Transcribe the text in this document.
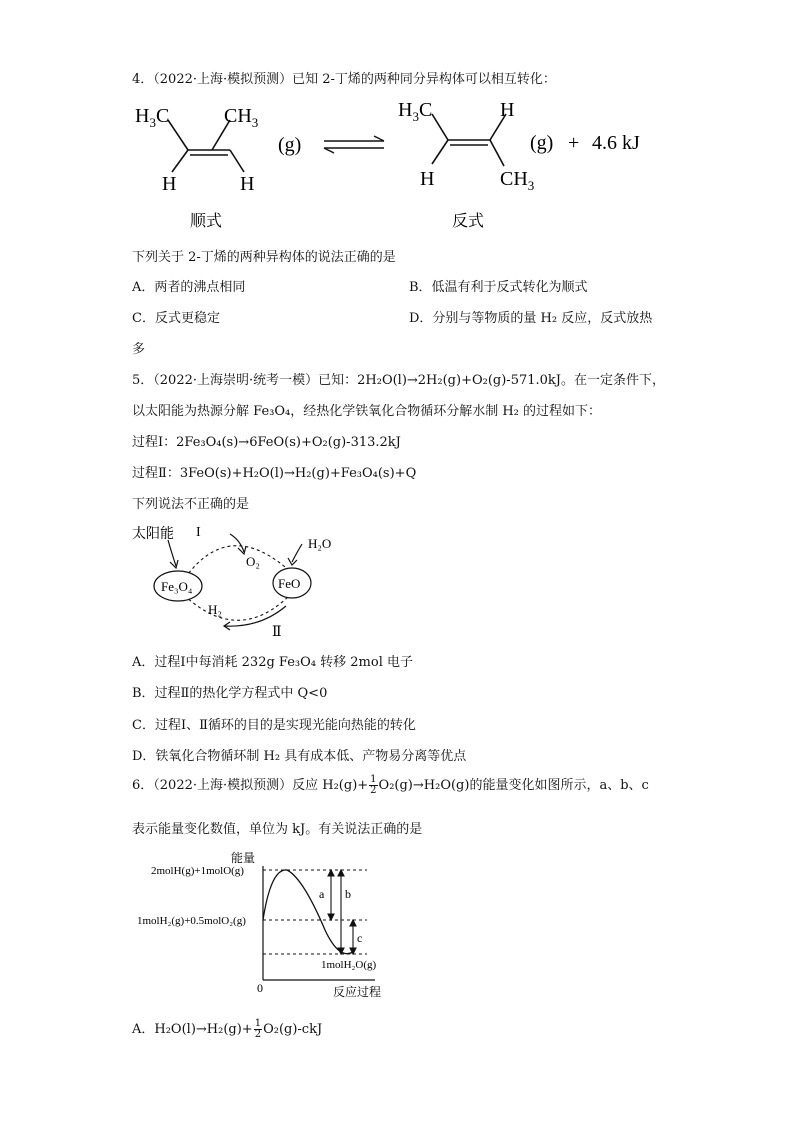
4．（2022·上海·模拟预测）已知 2-丁烯的两种同分异构体可以相互转化：
$H_3C$	$CH_3$
H	H
(g)
$H_3C$	H
H	$CH_3$
(g) + 4.6 kJ
顺式	反式
下列关于 2-丁烯的两种异构体的说法正确的是
A．两者的沸点相同	B．低温有利于反式转化为顺式
C．反式更稳定	D．分别与等物质的量 H₂ 反应，反式放热
多
5．（2022·上海崇明·统考一模）已知：2H₂O(l)→2H₂(g)+O₂(g)-571.0kJ。在一定条件下，
以太阳能为热源分解 Fe₃O₄，经热化学铁氧化合物循环分解水制 H₂ 的过程如下：
过程Ⅰ：2Fe₃O₄(s)→6FeO(s)+O₂(g)-313.2kJ
过程Ⅱ：3FeO(s)+H₂O(l)→H₂(g)+Fe₃O₄(s)+Q
下列说法不正确的是
太阳能 I
Fe₃O₄	FeO
O₂
H₂O
H₂
Ⅱ
A．过程Ⅰ中每消耗 232g Fe₃O₄ 转移 2mol 电子
B．过程Ⅱ的热化学方程式中 Q<0
C．过程Ⅰ、Ⅱ循环的目的是实现光能向热能的转化
D．铁氧化合物循环制 H₂ 具有成本低、产物易分离等优点
6．（2022·上海·模拟预测）反应 $H_2(g)+ \frac{1}{2} O_2(g)\to H_2O(g)$的能量变化如图所示，a、b、c
表示能量变化数值，单位为 kJ。有关说法正确的是
能量
反应过程
0
2molH(g)+1molO(g)
1molH₂(g)+0.5molO₂(g)
1molH₂O(g)
a b
c
A．$H_2O(l)\to H_2(g)+ \frac{1}{2} O_2(g)-ckJ$
